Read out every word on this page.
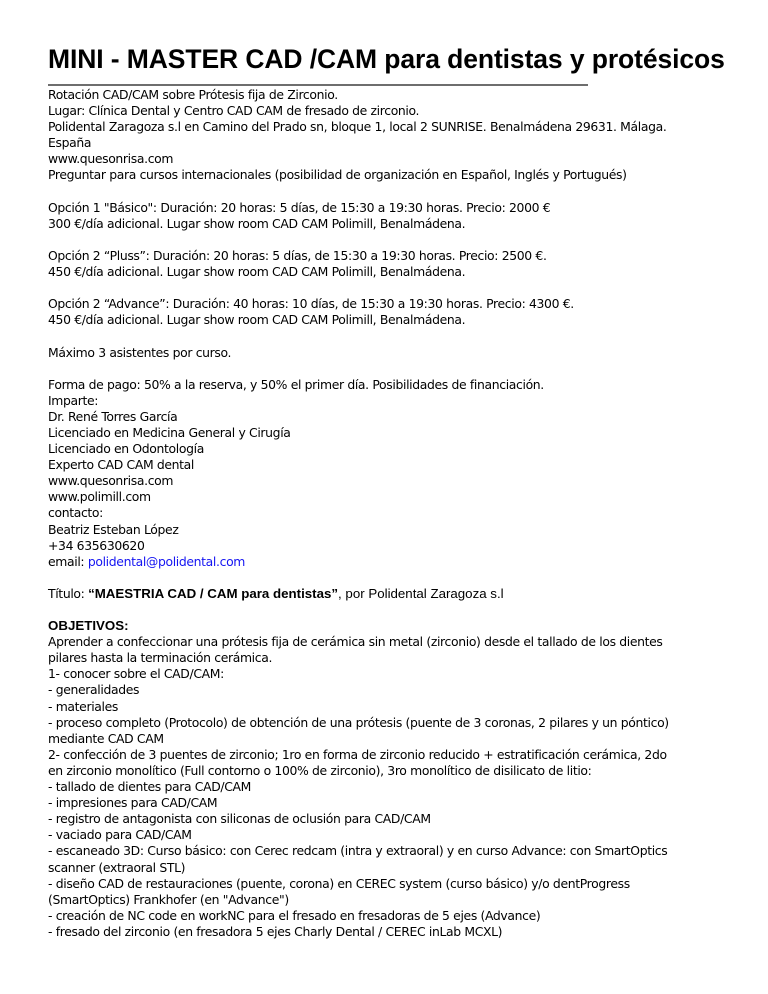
MINI - MASTER CAD /CAM para dentistas y protésicos
Rotación CAD/CAM sobre Prótesis fija de Zirconio.
Lugar: Clínica Dental y Centro CAD CAM de fresado de zirconio.
Polidental Zaragoza s.l en Camino del Prado sn, bloque 1, local 2 SUNRISE. Benalmádena 29631. Málaga.
España
www.quesonrisa.com
Preguntar para cursos internacionales (posibilidad de organización en Español, Inglés y Portugués)
Opción 1 "Básico": Duración: 20 horas: 5 días, de 15:30 a 19:30 horas. Precio: 2000 €
300 €/día adicional. Lugar show room CAD CAM Polimill, Benalmádena.
Opción 2 “Pluss”: Duración: 20 horas: 5 días, de 15:30 a 19:30 horas. Precio: 2500 €.
450 €/día adicional. Lugar show room CAD CAM Polimill, Benalmádena.
Opción 2 “Advance”: Duración: 40 horas: 10 días, de 15:30 a 19:30 horas. Precio: 4300 €.
450 €/día adicional. Lugar show room CAD CAM Polimill, Benalmádena.
Máximo 3 asistentes por curso.
Forma de pago: 50% a la reserva, y 50% el primer día. Posibilidades de financiación.
Imparte:
Dr. René Torres García
Licenciado en Medicina General y Cirugía
Licenciado en Odontología
Experto CAD CAM dental
www.quesonrisa.com
www.polimill.com
contacto:
Beatriz Esteban López
+34 635630620
email: polidental@polidental.com
Título: “MAESTRIA CAD / CAM para dentistas”, por Polidental Zaragoza s.l
OBJETIVOS:
Aprender a confeccionar una prótesis fija de cerámica sin metal (zirconio) desde el tallado de los dientes
pilares hasta la terminación cerámica.
1- conocer sobre el CAD/CAM:
- generalidades
- materiales
- proceso completo (Protocolo) de obtención de una prótesis (puente de 3 coronas, 2 pilares y un póntico)
mediante CAD CAM
2- confección de 3 puentes de zirconio; 1ro en forma de zirconio reducido + estratificación cerámica, 2do
en zirconio monolítico (Full contorno o 100% de zirconio), 3ro monolítico de disilicato de litio:
- tallado de dientes para CAD/CAM
- impresiones para CAD/CAM
- registro de antagonista con siliconas de oclusión para CAD/CAM
- vaciado para CAD/CAM
- escaneado 3D: Curso básico: con Cerec redcam (intra y extraoral) y en curso Advance: con SmartOptics
scanner (extraoral STL)
- diseño CAD de restauraciones (puente, corona) en CEREC system (curso básico) y/o dentProgress
(SmartOptics) Frankhofer (en "Advance")
- creación de NC code en workNC para el fresado en fresadoras de 5 ejes (Advance)
- fresado del zirconio (en fresadora 5 ejes Charly Dental / CEREC inLab MCXL)
